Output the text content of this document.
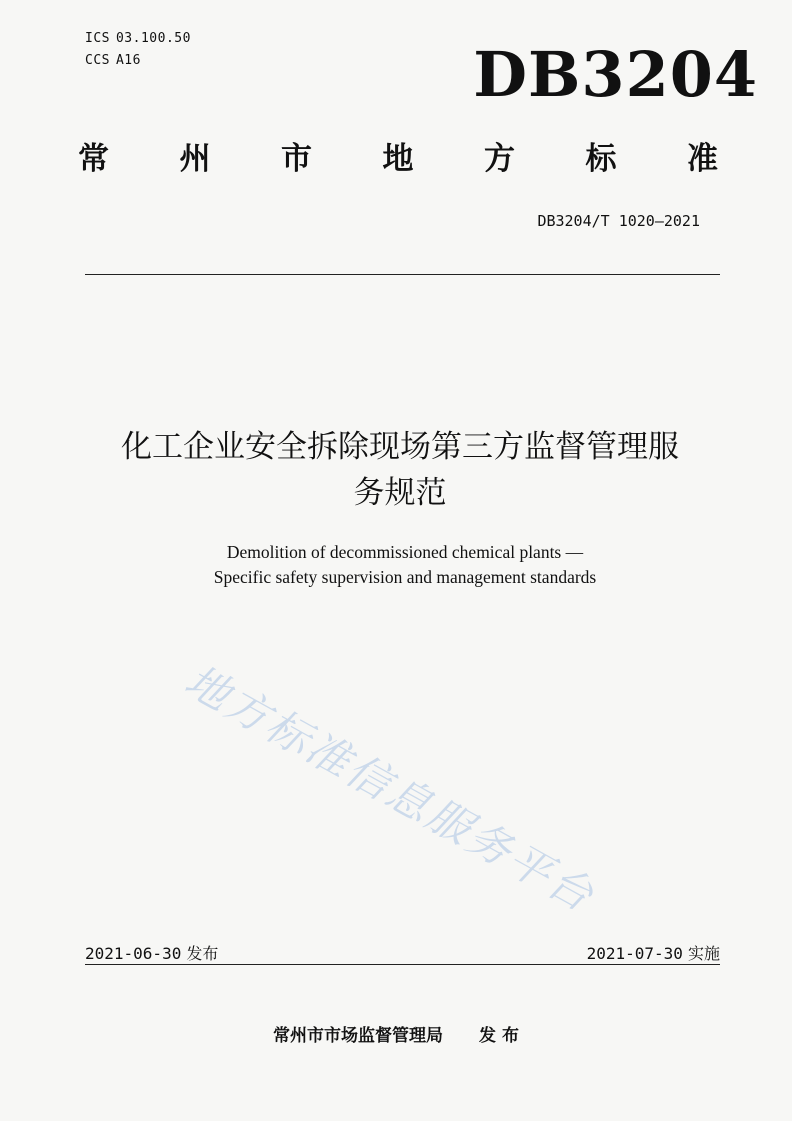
ICS 03.100.50
CCS A16	DB3204
常 州 市 地 方 标 准
DB3204/T 1020—2021
化工企业安全拆除现场第三方监督管理服
务规范
Demolition of decommissioned chemical plants —
Specific safety supervision and management standards
地方标准信息服务平台
2021-06-30 发布	2021-07-30 实施
常州市市场监督管理局 发 布
